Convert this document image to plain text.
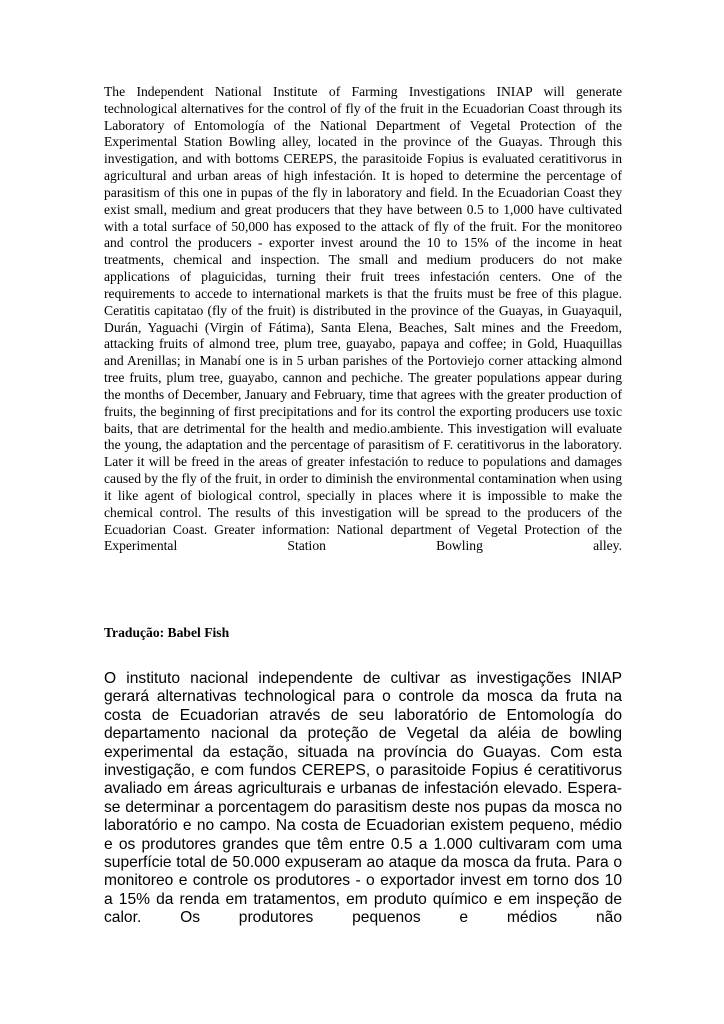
The Independent National Institute of Farming Investigations INIAP will generate technological alternatives for the control of fly of the fruit in the Ecuadorian Coast through its Laboratory of Entomología of the National Department of Vegetal Protection of the Experimental Station Bowling alley, located in the province of the Guayas. Through this investigation, and with bottoms CEREPS, the parasitoide Fopius is evaluated ceratitivorus in agricultural and urban areas of high infestación. It is hoped to determine the percentage of parasitism of this one in pupas of the fly in laboratory and field. In the Ecuadorian Coast they exist small, medium and great producers that they have between 0.5 to 1,000 have cultivated with a total surface of 50,000 has exposed to the attack of fly of the fruit. For the monitoreo and control the producers - exporter invest around the 10 to 15% of the income in heat treatments, chemical and inspection. The small and medium producers do not make applications of plaguicidas, turning their fruit trees infestación centers. One of the requirements to accede to international markets is that the fruits must be free of this plague. Ceratitis capitatao (fly of the fruit) is distributed in the province of the Guayas, in Guayaquil, Durán, Yaguachi (Virgin of Fátima), Santa Elena, Beaches, Salt mines and the Freedom, attacking fruits of almond tree, plum tree, guayabo, papaya and coffee; in Gold, Huaquillas and Arenillas; in Manabí one is in 5 urban parishes of the Portoviejo corner attacking almond tree fruits, plum tree, guayabo, cannon and pechiche. The greater populations appear during the months of December, January and February, time that agrees with the greater production of fruits, the beginning of first precipitations and for its control the exporting producers use toxic baits, that are detrimental for the health and medio.ambiente. This investigation will evaluate the young, the adaptation and the percentage of parasitism of F. ceratitivorus in the laboratory. Later it will be freed in the areas of greater infestación to reduce to populations and damages caused by the fly of the fruit, in order to diminish the environmental contamination when using it like agent of biological control, specially in places where it is impossible to make the chemical control. The results of this investigation will be spread to the producers of the Ecuadorian Coast. Greater information: National department of Vegetal Protection of the Experimental Station Bowling alley.

Tradução: Babel Fish

O instituto nacional independente de cultivar as investigações INIAP gerará alternativas technological para o controle da mosca da fruta na costa de Ecuadorian através de seu laboratório de Entomología do departamento nacional da proteção de Vegetal da aléia de bowling experimental da estação, situada na província do Guayas. Com esta investigação, e com fundos CEREPS, o parasitoide Fopius é ceratitivorus avaliado em áreas agriculturais e urbanas de infestación elevado. Espera-se determinar a porcentagem do parasitism deste nos pupas da mosca no laboratório e no campo. Na costa de Ecuadorian existem pequeno, médio e os produtores grandes que têm entre 0.5 a 1.000 cultivaram com uma superfície total de 50.000 expuseram ao ataque da mosca da fruta. Para o monitoreo e controle os produtores - o exportador invest em torno dos 10 a 15% da renda em tratamentos, em produto químico e em inspeção de calor. Os produtores pequenos e médios não
